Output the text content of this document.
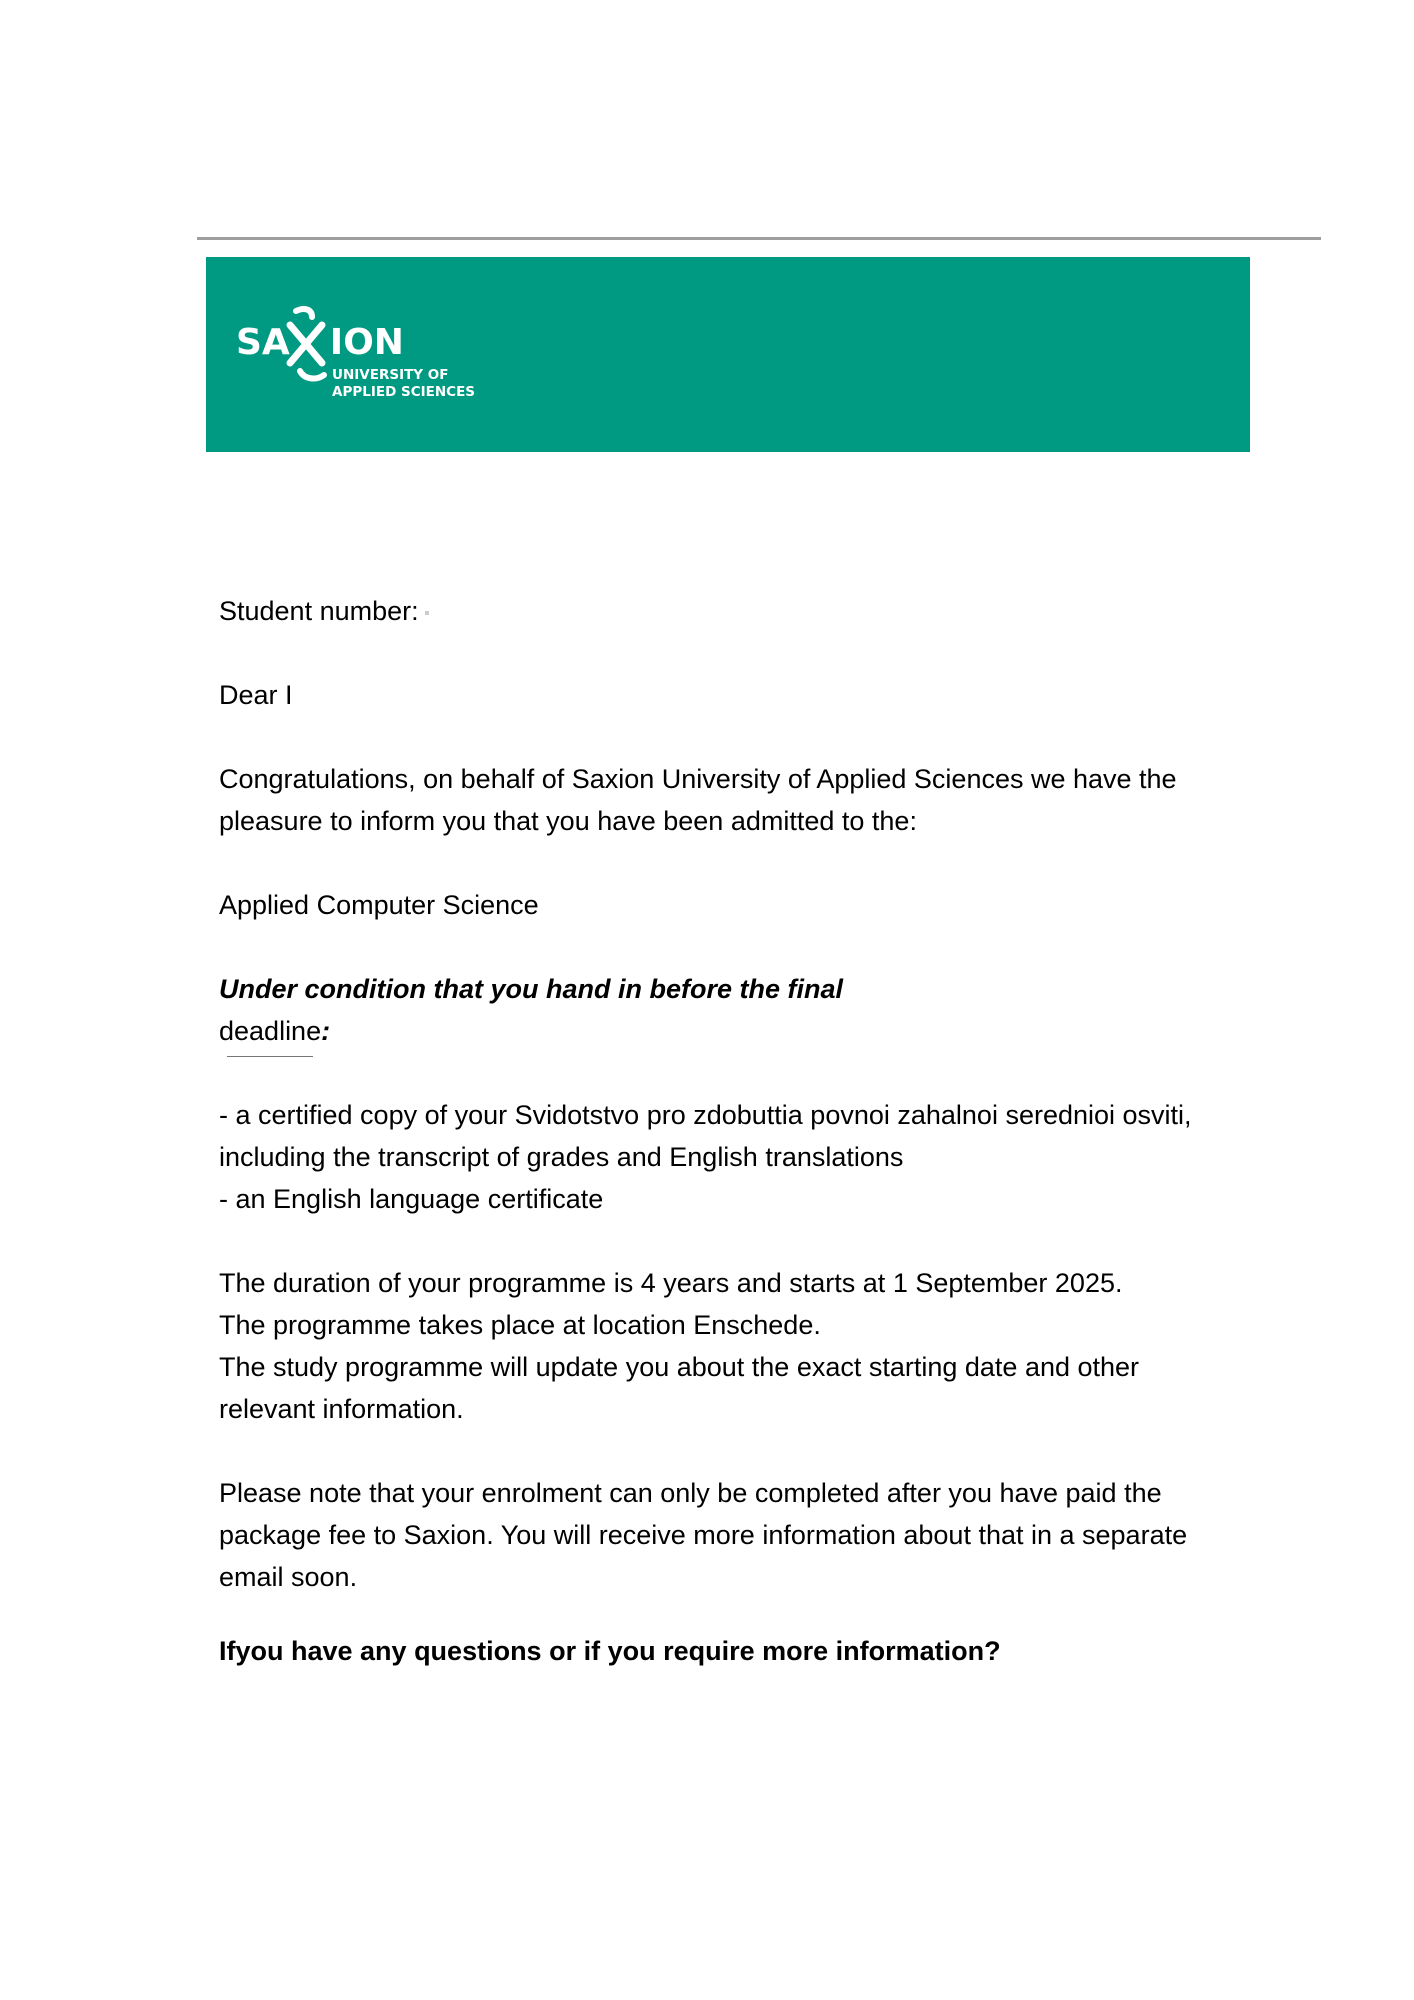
SA ION
UNIVERSITY OF
APPLIED SCIENCES

Student number:

Dear I

Congratulations, on behalf of Saxion University of Applied Sciences we have the

pleasure to inform you that you have been admitted to the:

Applied Computer Science

Under condition that you hand in before the final

deadline
:

- a certified copy of your Svidotstvo pro zdobuttia povnoi zahalnoi serednioi osviti,

including the transcript of grades and English translations

- an English language certificate

The duration of your programme is 4 years and starts at 1 September 2025.

The programme takes place at location Enschede.

The study programme will update you about the exact starting date and other

relevant information.

Please note that your enrolment can only be completed after you have paid the

package fee to Saxion. You will receive more information about that in a separate

email soon.

Ifyou have any questions or if you require more information?
